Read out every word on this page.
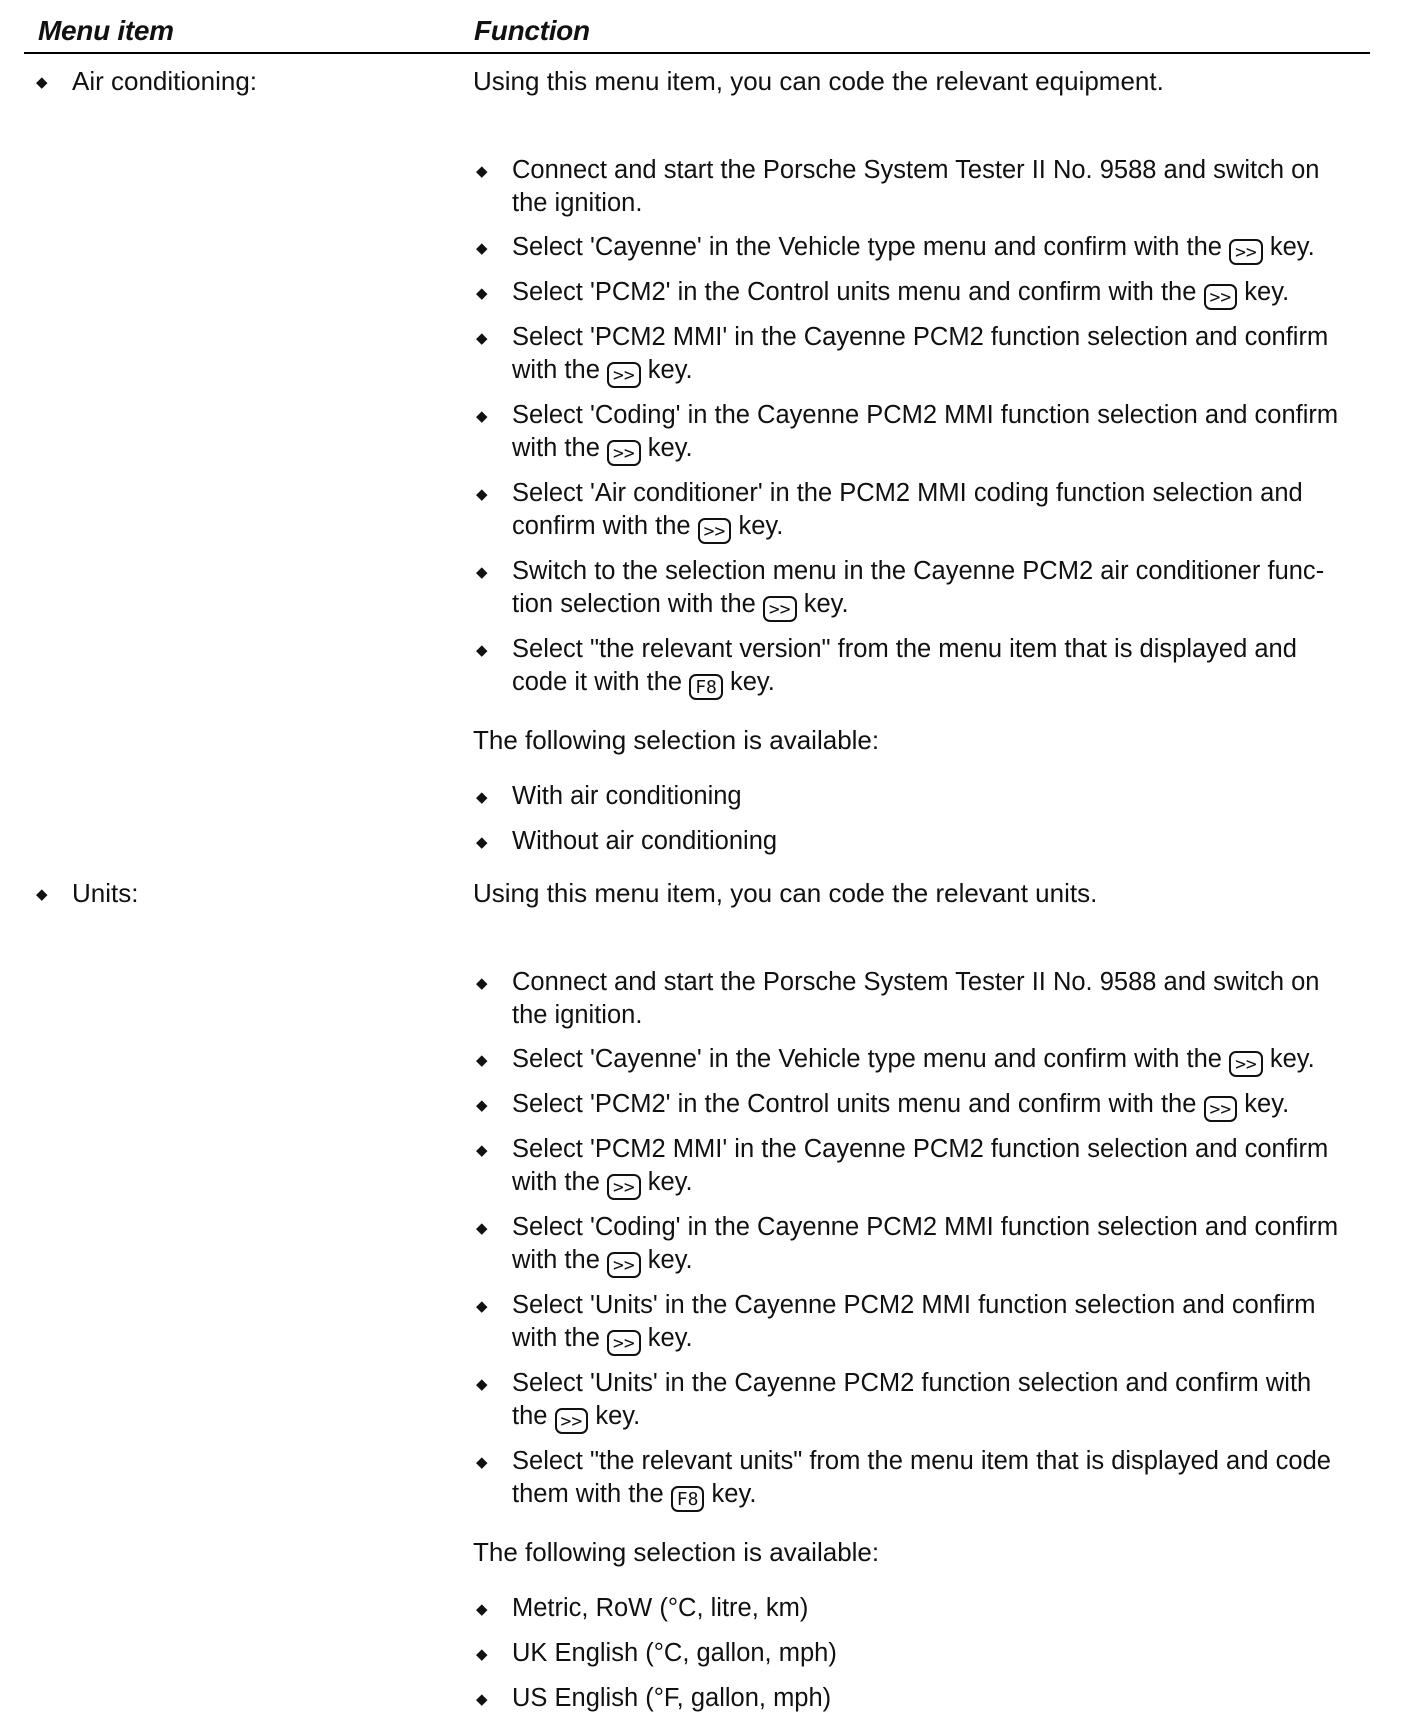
Menu item	Function
◆ Air conditioning:	Using this menu item, you can code the relevant equipment.
◆ Connect and start the Porsche System Tester II No. 9588 and switch on the ignition.
◆ Select 'Cayenne' in the Vehicle type menu and confirm with the >> key.
◆ Select 'PCM2' in the Control units menu and confirm with the >> key.
◆ Select 'PCM2 MMI' in the Cayenne PCM2 function selection and confirm with the >> key.
◆ Select 'Coding' in the Cayenne PCM2 MMI function selection and confirm with the >> key.
◆ Select 'Air conditioner' in the PCM2 MMI coding function selection and confirm with the >> key.
◆ Switch to the selection menu in the Cayenne PCM2 air conditioner function selection with the >> key.
◆ Select "the relevant version" from the menu item that is displayed and code it with the F8 key.
The following selection is available:
◆ With air conditioning
◆ Without air conditioning
◆ Units:	Using this menu item, you can code the relevant units.
◆ Connect and start the Porsche System Tester II No. 9588 and switch on the ignition.
◆ Select 'Cayenne' in the Vehicle type menu and confirm with the >> key.
◆ Select 'PCM2' in the Control units menu and confirm with the >> key.
◆ Select 'PCM2 MMI' in the Cayenne PCM2 function selection and confirm with the >> key.
◆ Select 'Coding' in the Cayenne PCM2 MMI function selection and confirm with the >> key.
◆ Select 'Units' in the Cayenne PCM2 MMI function selection and confirm with the >> key.
◆ Select 'Units' in the Cayenne PCM2 function selection and confirm with the >> key.
◆ Select "the relevant units" from the menu item that is displayed and code them with the F8 key.
The following selection is available:
◆ Metric, RoW (°C, litre, km)
◆ UK English (°C, gallon, mph)
◆ US English (°F, gallon, mph)
